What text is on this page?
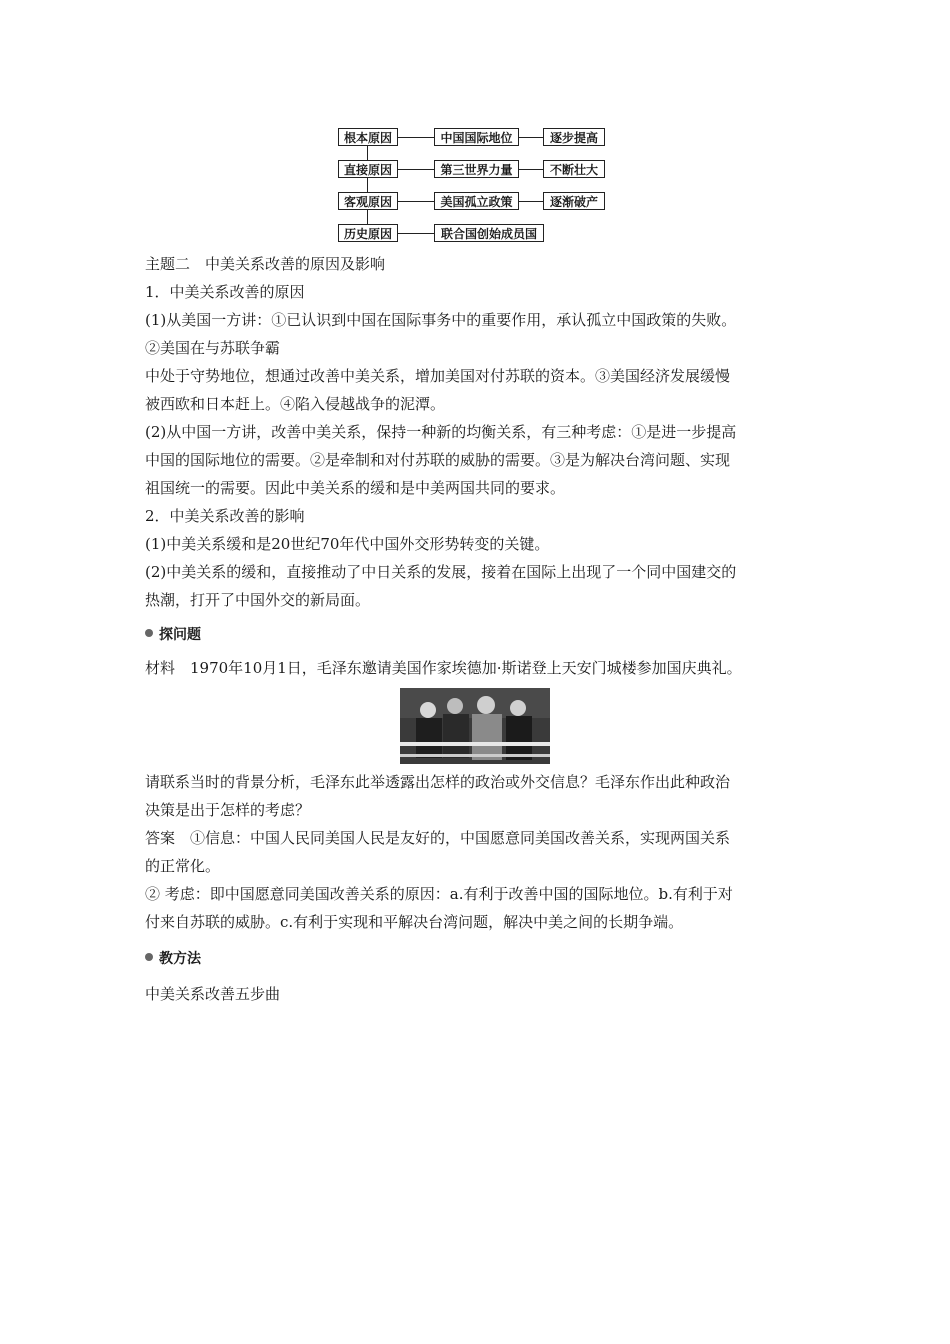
根本原因
直接原因
客观原因
历史原因
中国国际地位
第三世界力量
美国孤立政策
联合国创始成员国
逐步提高
不断壮大
逐渐破产
主题二　中美关系改善的原因及影响
1．中美关系改善的原因
(1)从美国一方讲：①已认识到中国在国际事务中的重要作用，承认孤立中国政策的失败。
②美国在与苏联争霸
中处于守势地位，想通过改善中美关系，增加美国对付苏联的资本。③美国经济发展缓慢
被西欧和日本赶上。④陷入侵越战争的泥潭。
(2)从中国一方讲，改善中美关系，保持一种新的均衡关系，有三种考虑：①是进一步提高
中国的国际地位的需要。②是牵制和对付苏联的威胁的需要。③是为解决台湾问题、实现
祖国统一的需要。因此中美关系的缓和是中美两国共同的要求。
2．中美关系改善的影响
(1)中美关系缓和是20世纪70年代中国外交形势转变的关键。
(2)中美关系的缓和，直接推动了中日关系的发展，接着在国际上出现了一个同中国建交的
热潮，打开了中国外交的新局面。
探问题
材料　1970年10月1日，毛泽东邀请美国作家埃德加·斯诺登上天安门城楼参加国庆典礼。
请联系当时的背景分析，毛泽东此举透露出怎样的政治或外交信息？毛泽东作出此种政治
决策是出于怎样的考虑？
答案　①信息：中国人民同美国人民是友好的，中国愿意同美国改善关系，实现两国关系
的正常化。
② 考虑：即中国愿意同美国改善关系的原因：a.有利于改善中国的国际地位。b.有利于对
付来自苏联的威胁。c.有利于实现和平解决台湾问题，解决中美之间的长期争端。
教方法
中美关系改善五步曲
